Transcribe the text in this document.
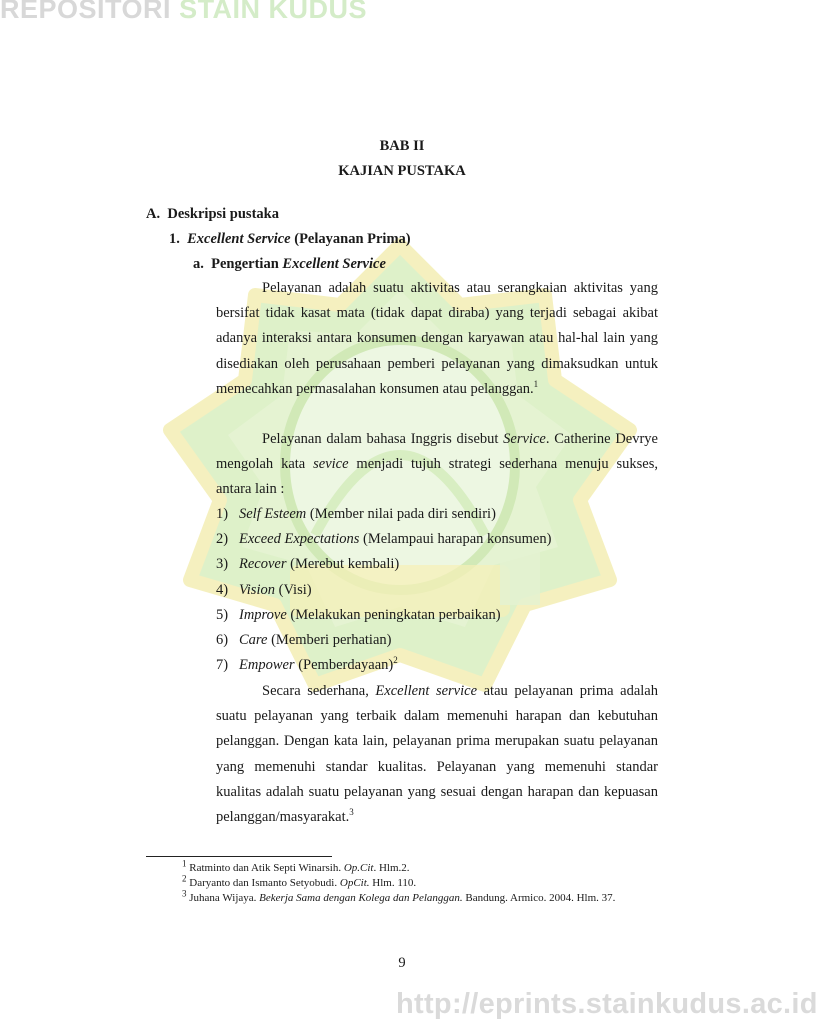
REPOSITORI STAIN KUDUS
BAB II
KAJIAN PUSTAKA
A. Deskripsi pustaka
1. Excellent Service (Pelayanan Prima)
a. Pengertian Excellent Service
Pelayanan adalah suatu aktivitas atau serangkaian aktivitas yang bersifat tidak kasat mata (tidak dapat diraba) yang terjadi sebagai akibat adanya interaksi antara konsumen dengan karyawan atau hal-hal lain yang disediakan oleh perusahaan pemberi pelayanan yang dimaksudkan untuk memecahkan permasalahan konsumen atau pelanggan.$^1$
Pelayanan dalam bahasa Inggris disebut Service. Catherine Devrye mengolah kata sevice menjadi tujuh strategi sederhana menuju sukses, antara lain :
1) Self Esteem (Member nilai pada diri sendiri)
2) Exceed Expectations (Melampaui harapan konsumen)
3) Recover (Merebut kembali)
4) Vision (Visi)
5) Improve (Melakukan peningkatan perbaikan)
6) Care (Memberi perhatian)
7) Empower (Pemberdayaan)$^2$
Secara sederhana, Excellent service atau pelayanan prima adalah suatu pelayanan yang terbaik dalam memenuhi harapan dan kebutuhan pelanggan. Dengan kata lain, pelayanan prima merupakan suatu pelayanan yang memenuhi standar kualitas. Pelayanan yang memenuhi standar kualitas adalah suatu pelayanan yang sesuai dengan harapan dan kepuasan pelanggan/masyarakat.$^3$
$^1$ Ratminto dan Atik Septi Winarsih. Op.Cit. Hlm.2.
$^2$ Daryanto dan Ismanto Setyobudi. OpCit. Hlm. 110.
$^3$ Juhana Wijaya. Bekerja Sama dengan Kolega dan Pelanggan. Bandung. Armico. 2004. Hlm. 37.
9
http://eprints.stainkudus.ac.id
